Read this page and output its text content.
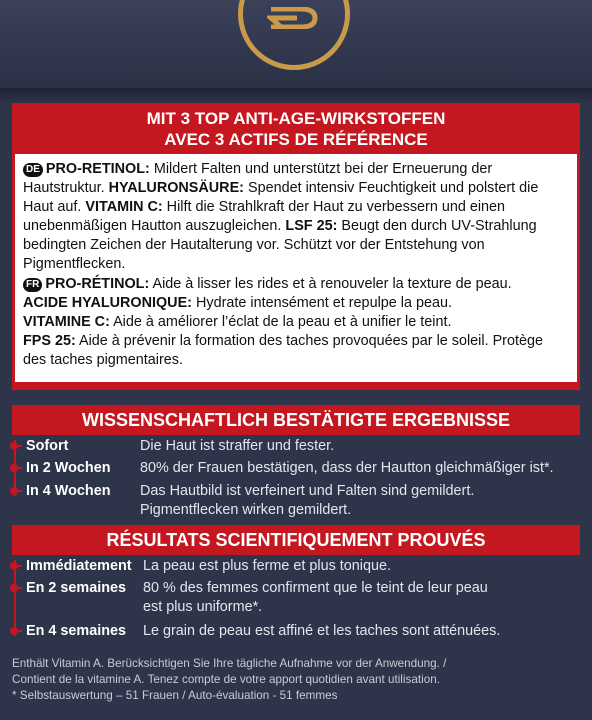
MIT 3 TOP ANTI-AGE-WIRKSTOFFEN
AVEC 3 ACTIFS DE RÉFÉRENCE
DE PRO-RETINOL: Mildert Falten und unterstützt bei der Erneuerung der Hautstruktur. HYALURONSÄURE: Spendet intensiv Feuchtigkeit und polstert die Haut auf. VITAMIN C: Hilft die Strahlkraft der Haut zu verbessern und einen unebenmäßigen Hautton auszugleichen. LSF 25: Beugt den durch UV-Strahlung bedingten Zeichen der Hautalterung vor. Schützt vor der Entstehung von Pigmentflecken.
FR PRO-RÉTINOL: Aide à lisser les rides et à renouveler la texture de peau.
ACIDE HYALURONIQUE: Hydrate intensément et repulpe la peau.
VITAMINE C: Aide à améliorer l’éclat de la peau et à unifier le teint.
FPS 25: Aide à prévenir la formation des taches provoquées par le soleil. Protège des taches pigmentaires.
WISSENSCHAFTLICH BESTÄTIGTE ERGEBNISSE
Sofort	Die Haut ist straffer und fester.
In 2 Wochen 80% der Frauen bestätigen, dass der Hautton gleichmäßiger ist*.
In 4 Wochen Das Hautbild ist verfeinert und Falten sind gemildert. Pigmentflecken wirken gemildert.
RÉSULTATS SCIENTIFIQUEMENT PROUVÉS
Immédiatement La peau est plus ferme et plus tonique.
En 2 semaines 80 % des femmes confirment que le teint de leur peau est plus uniforme*.
En 4 semaines Le grain de peau est affiné et les taches sont atténuées.
Enthält Vitamin A. Berücksichtigen Sie Ihre tägliche Aufnahme vor der Anwendung. /
Contient de la vitamine A. Tenez compte de votre apport quotidien avant utilisation.
* Selbstauswertung – 51 Frauen / Auto-évaluation - 51 femmes
